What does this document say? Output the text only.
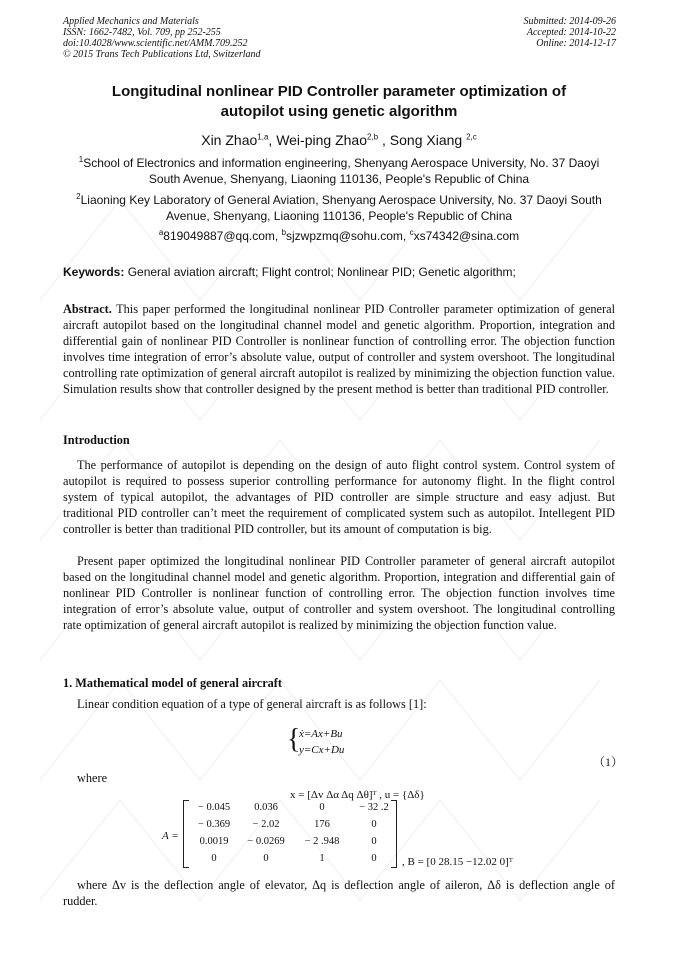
Applied Mechanics and Materials
ISSN: 1662-7482, Vol. 709, pp 252-255
doi:10.4028/www.scientific.net/AMM.709.252
© 2015 Trans Tech Publications Ltd, Switzerland
Submitted: 2014-09-26
Accepted: 2014-10-22
Online: 2014-12-17
Longitudinal nonlinear PID Controller parameter optimization of
autopilot using genetic algorithm
Xin Zhao$^{1,a}$, Wei-ping Zhao$^{2,b}$ , Song Xiang $^{2,c}$
$^1$School of Electronics and information engineering, Shenyang Aerospace University, No. 37 Daoyi
South Avenue, Shenyang, Liaoning 110136, People's Republic of China
$^2$Liaoning Key Laboratory of General Aviation, Shenyang Aerospace University, No. 37 Daoyi South
Avenue, Shenyang, Liaoning 110136, People's Republic of China
$^a$819049887@qq.com, $^b$sjzwpzmq@sohu.com, $^c$xs74342@sina.com
Keywords: General aviation aircraft; Flight control; Nonlinear PID; Genetic algorithm;
Abstract. This paper performed the longitudinal nonlinear PID Controller parameter optimization of general aircraft autopilot based on the longitudinal channel model and genetic algorithm. Proportion, integration and differential gain of nonlinear PID Controller is nonlinear function of controlling error. The objection function involves time integration of error’s absolute value, output of controller and system overshoot. The longitudinal controlling rate optimization of general aircraft autopilot is realized by minimizing the objection function value. Simulation results show that controller designed by the present method is better than traditional PID controller.
Introduction
The performance of autopilot is depending on the design of auto flight control system. Control system of autopilot is required to possess superior controlling performance for autonomy flight. In the flight control system of typical autopilot, the advantages of PID controller are simple structure and easy adjust. But traditional PID controller can’t meet the requirement of complicated system such as autopilot. Intellegent PID controller is better than traditional PID controller, but its amount of computation is big.
Present paper optimized the longitudinal nonlinear PID Controller parameter of general aircraft autopilot based on the longitudinal channel model and genetic algorithm. Proportion, integration and differential gain of nonlinear PID Controller is nonlinear function of controlling error. The objection function involves time integration of error’s absolute value, output of controller and system overshoot. The longitudinal controlling rate optimization of general aircraft autopilot is realized by minimizing the objection function value.
1. Mathematical model of general aircraft
Linear condition equation of a type of general aircraft is as follows [1]:
{
ẋ=Ax+Bu
y=Cx+Du
（1）
where
x = [Δv Δα Δq Δθ]ᵀ , u = {Δδ}
A =
− 0.045	0.036	0	− 32 .2
− 0.369	− 2.02	176	0
0.0019	− 0.0269	− 2 .948	0
0	0	1	0	, B = [0 28.15 −12.02 0]ᵀ
where Δv is the deflection angle of elevator, Δq is deflection angle of aileron, Δδ is deflection angle of rudder.
